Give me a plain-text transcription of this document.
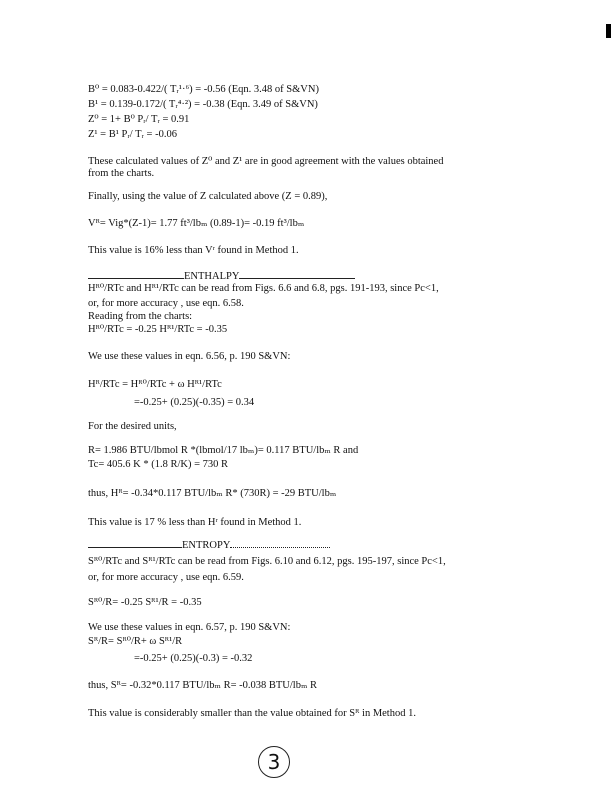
B⁰ = 0.083-0.422/( Tᵣ¹·⁶) = -0.56 (Eqn. 3.48 of S&VN)
B¹ = 0.139-0.172/( Tᵣ⁴·²) = -0.38 (Eqn. 3.49 of S&VN)
Z⁰ = 1+ B⁰ Pᵣ/ Tᵣ = 0.91
Z¹ = B¹ Pᵣ/ Tᵣ = -0.06
These calculated values of Z⁰ and Z¹ are in good agreement with the values obtained
from the charts.
Finally, using the value of Z calculated above (Z = 0.89),
Vᴿ= Vig*(Z-1)= 1.77 ft³/lbₘ (0.89-1)= -0.19 ft³/lbₘ
This value is 16% less than Vʳ found in Method 1.
ENTHALPY
Hᴿ⁰/RTc and Hᴿ¹/RTc can be read from Figs. 6.6 and 6.8, pgs. 191-193, since Pc<1,
or, for more accuracy , use eqn. 6.58.
Reading from the charts:
Hᴿ⁰/RTc = -0.25 Hᴿ¹/RTc = -0.35
We use these values in eqn. 6.56, p. 190 S&VN:
Hᴿ/RTc = Hᴿ⁰/RTc + ω Hᴿ¹/RTc
=-0.25+ (0.25)(-0.35) = 0.34
For the desired units,
R= 1.986 BTU/lbmol R *(lbmol/17 lbₘ)= 0.117 BTU/lbₘ R and
Tc= 405.6 K * (1.8 R/K) = 730 R
thus, Hᴿ= -0.34*0.117 BTU/lbₘ R* (730R) = -29 BTU/lbₘ
This value is 17 % less than Hʳ found in Method 1.
ENTROPY
Sᴿ⁰/RTc and Sᴿ¹/RTc can be read from Figs. 6.10 and 6.12, pgs. 195-197, since Pc<1,
or, for more accuracy , use eqn. 6.59.
Sᴿ⁰/R= -0.25 Sᴿ¹/R = -0.35
We use these values in eqn. 6.57, p. 190 S&VN:
Sᴿ/R= Sᴿ⁰/R+ ω Sᴿ¹/R
=-0.25+ (0.25)(-0.3) = -0.32
thus, Sᴿ= -0.32*0.117 BTU/lbₘ R= -0.038 BTU/lbₘ R
This value is considerably smaller than the value obtained for Sᴿ in Method 1.
3
